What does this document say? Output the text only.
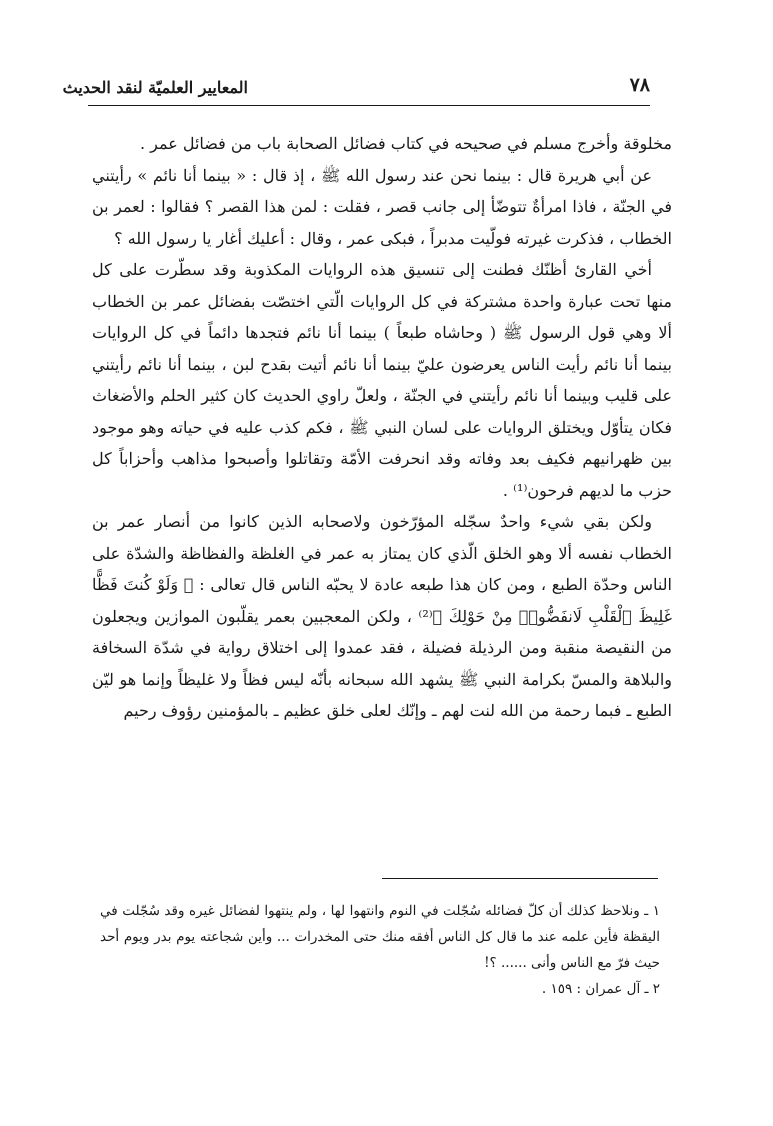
٧٨
المعايير العلميّة لنقد الحديث

مخلوقة وأخرج مسلم في صحيحه في كتاب فضائل الصحابة باب من فضائل عمر .

عن أبي هريرة قال : بينما نحن عند رسول الله ﷺ ، إذ قال : « بينما أنا نائم » رأيتني في الجنّة ، فاذا امرأةٌ تتوضّأ إلى جانب قصر ، فقلت : لمن هذا القصر ؟ فقالوا : لعمر بن الخطاب ، فذكرت غيرته فولّيت مدبراً ، فبكى عمر ، وقال : أعليك أغار يا رسول الله ؟

أخي القارئ أظنّك فطنت إلى تنسيق هذه الروايات المكذوبة وقد سطّرت على كل منها تحت عبارة واحدة مشتركة في كل الروايات الّتي اختصّت بفضائل عمر بن الخطاب ألا وهي قول الرسول ﷺ ( وحاشاه طبعاً ) بينما أنا نائم فتجدها دائماً في كل الروايات بينما أنا نائم رأيت الناس يعرضون عليّ بينما أنا نائم أتيت بقدح لبن ، بينما أنا نائم رأيتني على قليب وبينما أنا نائم رأيتني في الجنّة ، ولعلّ راوي الحديث كان كثير الحلم والأضغاث فكان يتأوّل ويختلق الروايات على لسان النبي ﷺ ، فكم كذب عليه في حياته وهو موجود بين ظهرانيهم فكيف بعد وفاته وقد انحرفت الأمّة وتقاتلوا وأصبحوا مذاهب وأحزاباً كل حزب ما لديهم فرحون⁽¹⁾ .

ولكن بقي شيء واحدٌ سجّله المؤرّخون ولاصحابه الذين كانوا من أنصار عمر بن الخطاب نفسه ألا وهو الخلق الّذي كان يمتاز به عمر في الغلظة والفظاظة والشدّة على الناس وحدّة الطبع ، ومن كان هذا طبعه عادة لا يحبّه الناس قال تعالى : ﴿ وَلَوْ كُنتَ فَظًّا غَلِيظَ ٱلْقَلْبِ لَانفَضُّوا۟ مِنْ حَوْلِكَ ﴾⁽²⁾ ، ولكن المعجبين بعمر يقلّبون الموازين ويجعلون من النقيصة منقبة ومن الرذيلة فضيلة ، فقد عمدوا إلى اختلاق رواية في شدّة السخافة والبلاهة والمسّ بكرامة النبي ﷺ يشهد الله سبحانه بأنّه ليس فظاً ولا غليظاً وإنما هو ليّن الطبع ـ فبما رحمة من الله لنت لهم ـ وإنّك لعلى خلق عظيم ـ بالمؤمنين رؤوف رحيم

١ ـ ونلاحظ كذلك أن كلّ فضائله سُجّلت في النوم وانتهوا لها ، ولم ينتهوا لفضائل غيره وقد سُجّلت في اليقظة فأين علمه عند ما قال كل الناس أفقه منك حتى المخدرات ... وأين شجاعته يوم بدر ويوم أحد حيث فرّ مع الناس وأنى ...... ؟!

٢ ـ آل عمران : ١٥٩ .
